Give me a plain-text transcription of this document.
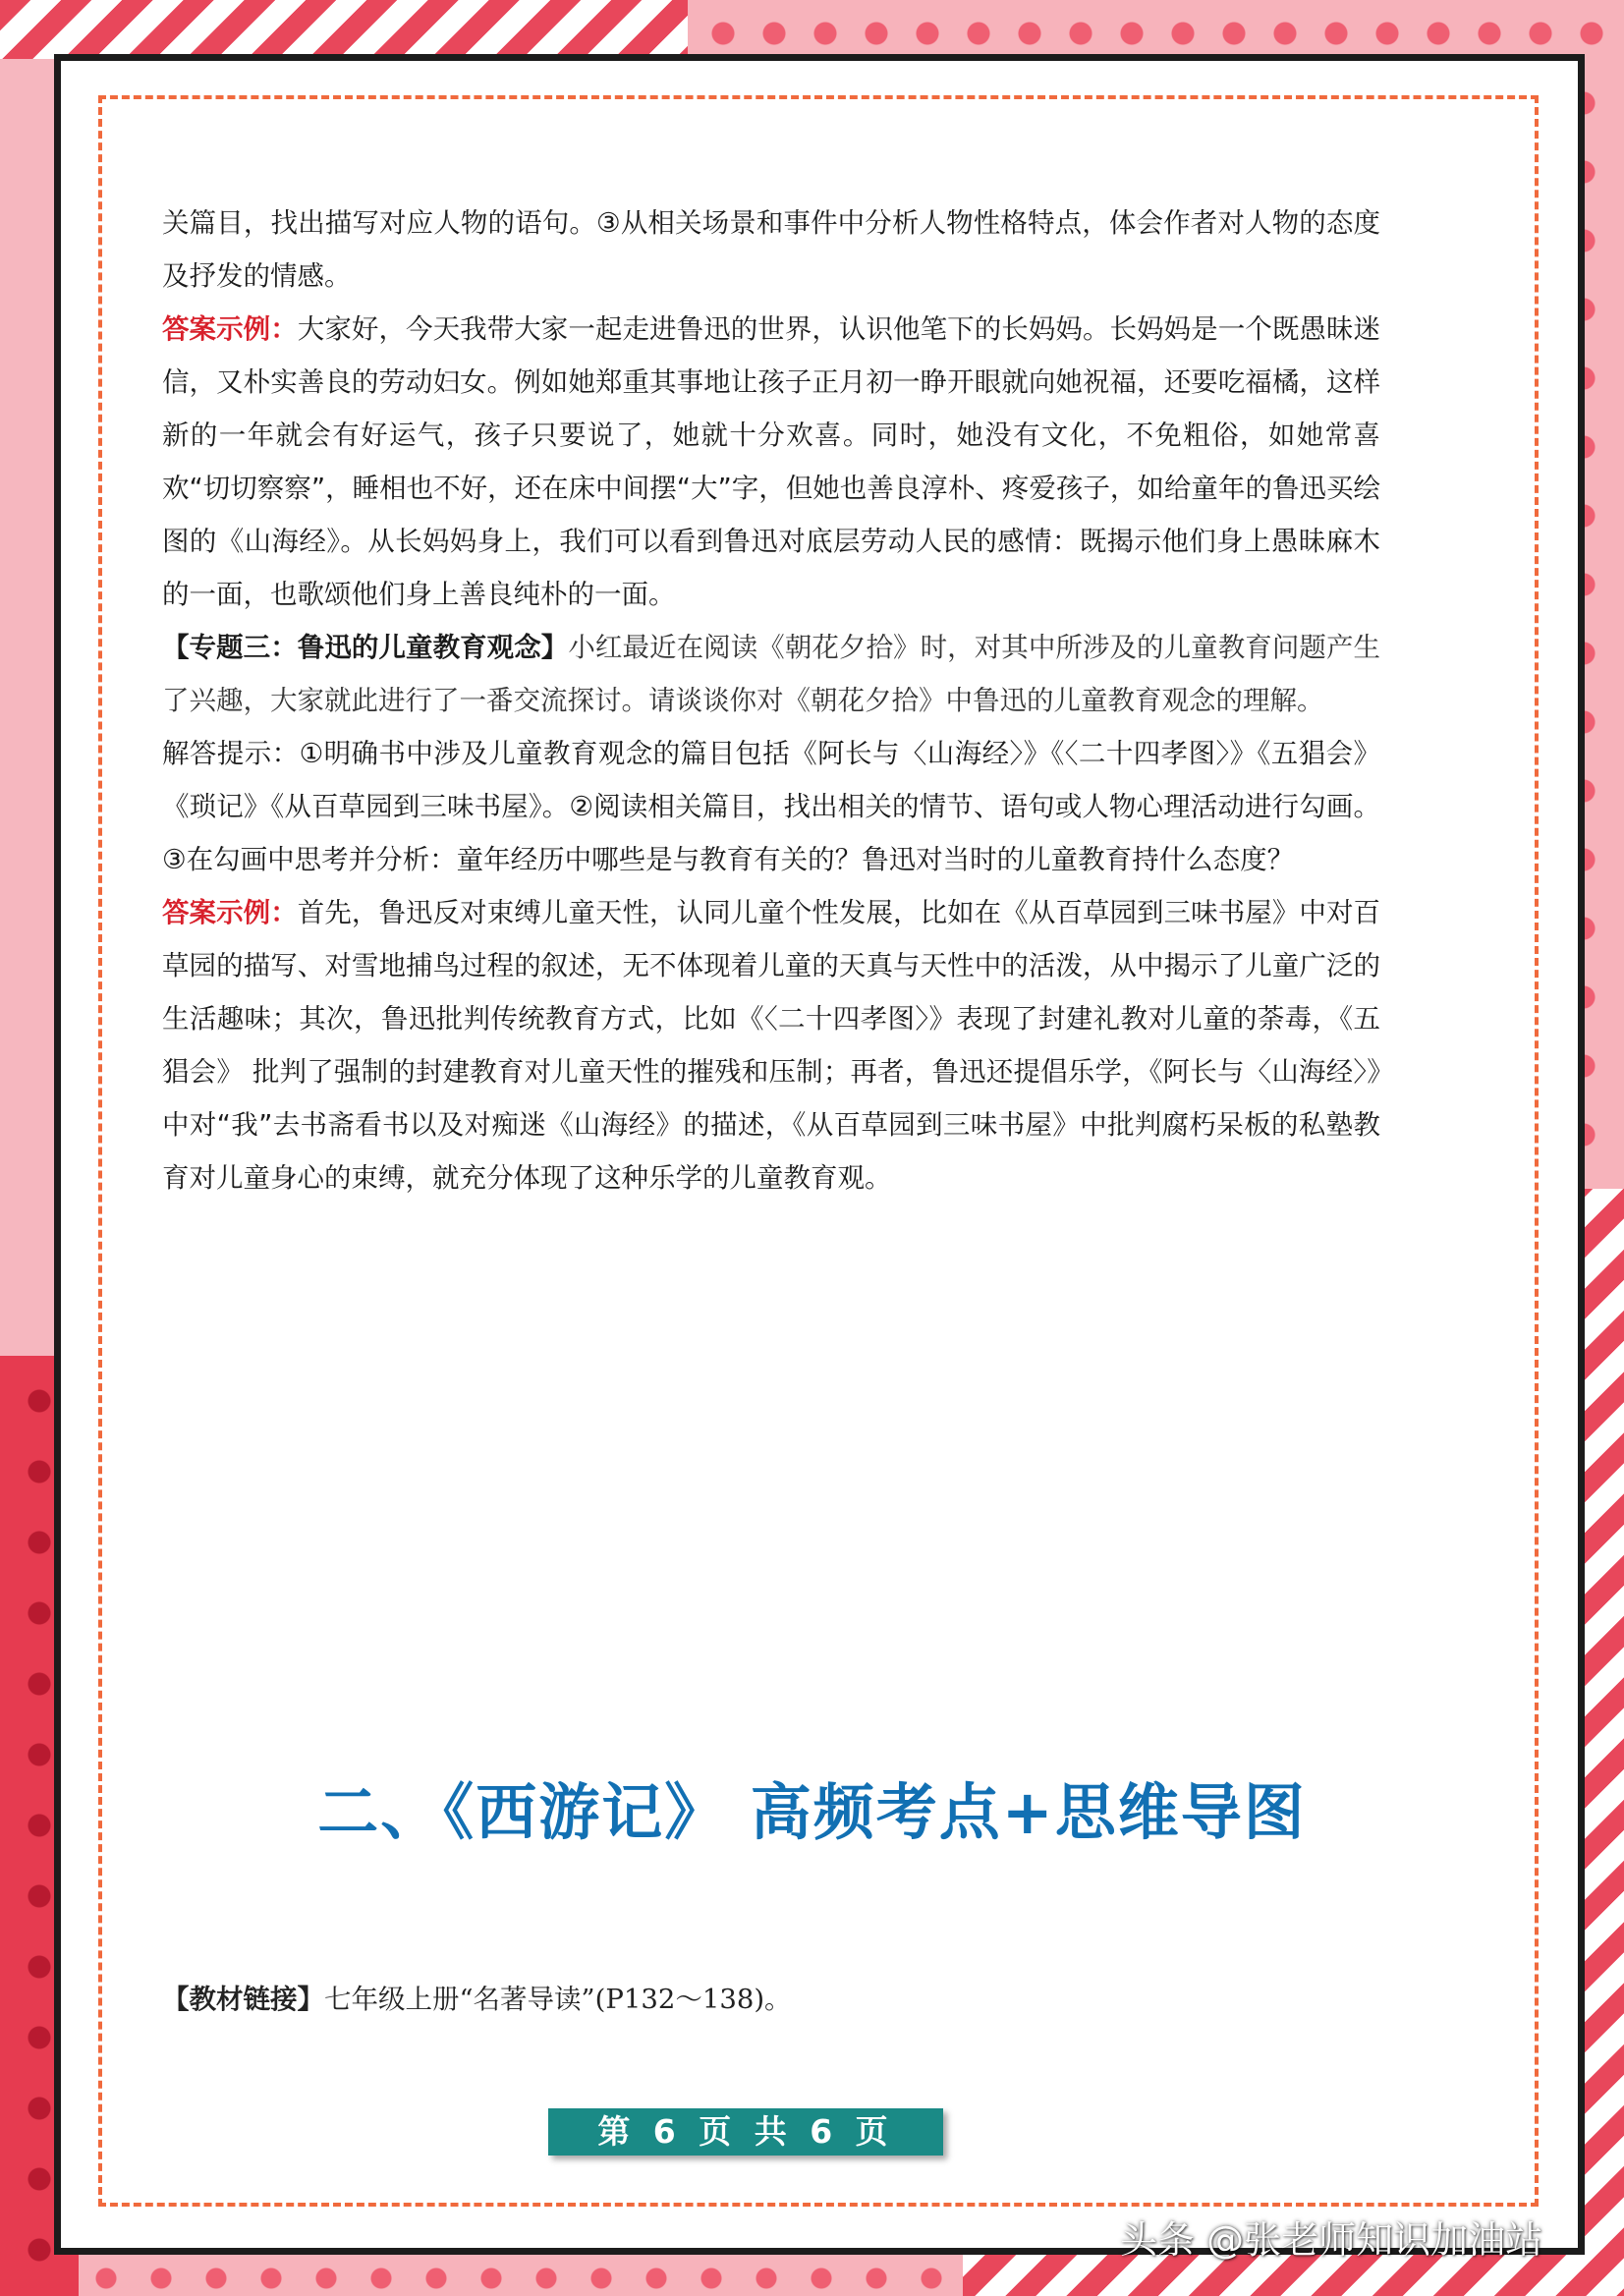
关篇目，找出描写对应人物的语句。③从相关场景和事件中分析人物性格特点，体会作者对人物的态度及抒发的情感。

答案示例：大家好，今天我带大家一起走进鲁迅的世界，认识他笔下的长妈妈。长妈妈是一个既愚昧迷信，又朴实善良的劳动妇女。例如她郑重其事地让孩子正月初一睁开眼就向她祝福，还要吃福橘，这样新的一年就会有好运气，孩子只要说了，她就十分欢喜。同时，她没有文化，不免粗俗，如她常喜欢“切切察察”，睡相也不好，还在床中间摆“大”字，但她也善良淳朴、疼爱孩子，如给童年的鲁迅买绘图的《山海经》。从长妈妈身上，我们可以看到鲁迅对底层劳动人民的感情：既揭示他们身上愚昧麻木的一面，也歌颂他们身上善良纯朴的一面。

【专题三：鲁迅的儿童教育观念】小红最近在阅读《朝花夕拾》时，对其中所涉及的儿童教育问题产生了兴趣，大家就此进行了一番交流探讨。请谈谈你对《朝花夕拾》中鲁迅的儿童教育观念的理解。

解答提示：①明确书中涉及儿童教育观念的篇目包括《阿长与〈山海经〉》《〈二十四孝图〉》《五猖会》《琐记》《从百草园到三味书屋》。②阅读相关篇目，找出相关的情节、语句或人物心理活动进行勾画。③在勾画中思考并分析：童年经历中哪些是与教育有关的？鲁迅对当时的儿童教育持什么态度？

答案示例：首先，鲁迅反对束缚儿童天性，认同儿童个性发展，比如在《从百草园到三味书屋》中对百草园的描写、对雪地捕鸟过程的叙述，无不体现着儿童的天真与天性中的活泼，从中揭示了儿童广泛的生活趣味；其次，鲁迅批判传统教育方式，比如《〈二十四孝图〉》表现了封建礼教对儿童的荼毒，《五猖会》 批判了强制的封建教育对儿童天性的摧残和压制；再者，鲁迅还提倡乐学，《阿长与〈山海经〉》中对“我”去书斋看书以及对痴迷《山海经》的描述，《从百草园到三味书屋》中批判腐朽呆板的私塾教育对儿童身心的束缚，就充分体现了这种乐学的儿童教育观。

二、《西游记》 高频考点+思维导图
【教材链接】七年级上册“名著导读”(P132～138)。
第 6 页 共 6 页
头条 @张老师知识加油站
